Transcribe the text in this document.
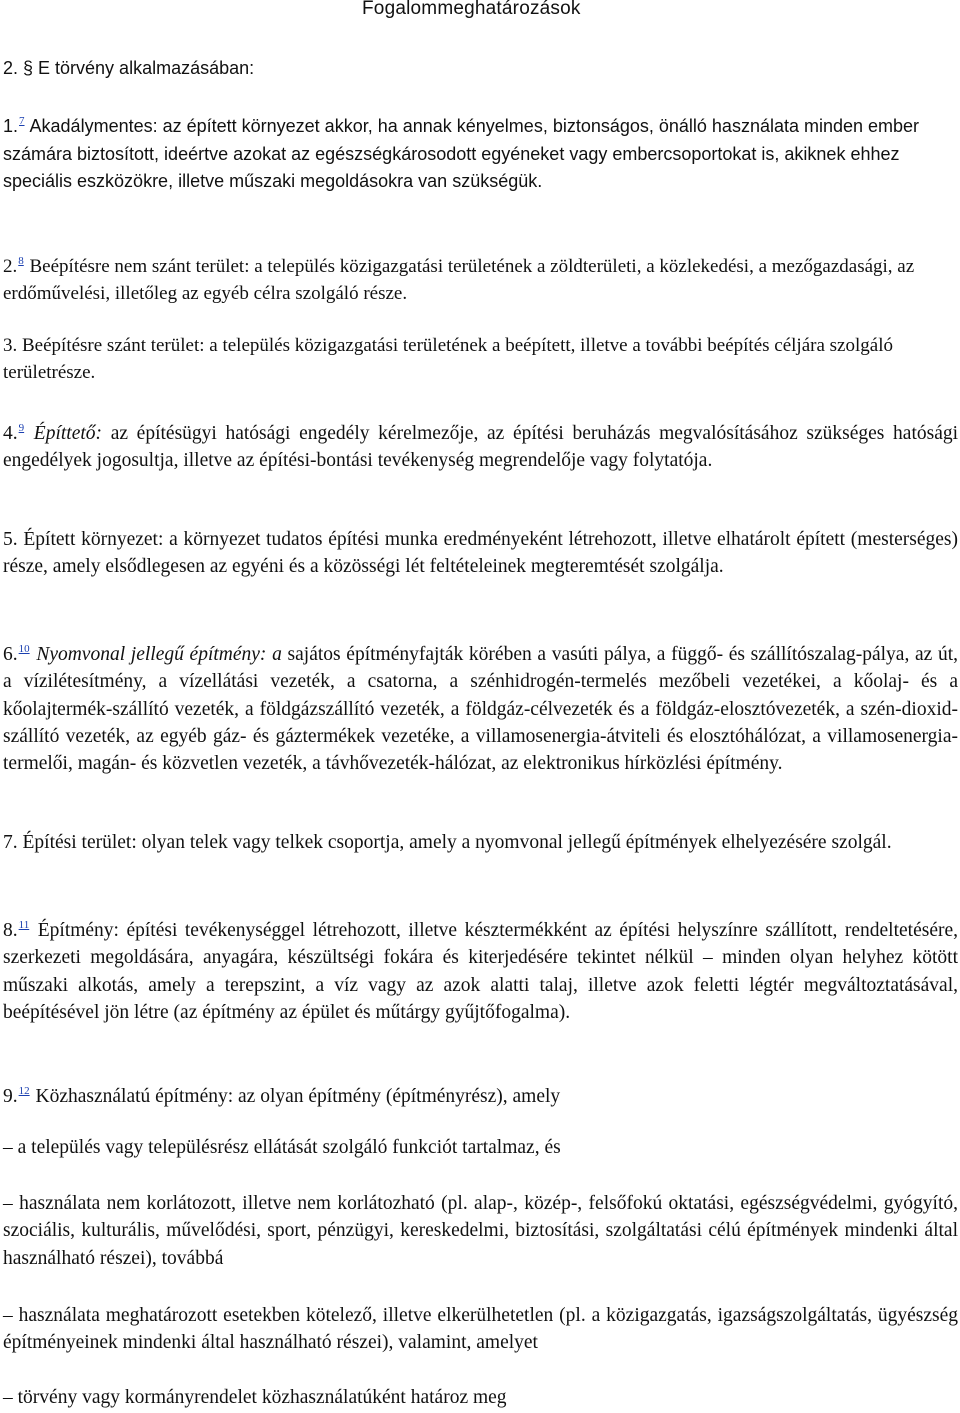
Fogalommeghatározások
2. § E törvény alkalmazásában:

1.$^7$ Akadálymentes: az épített környezet akkor, ha annak kényelmes, biztonságos, önálló használata minden ember számára biztosított, ideértve azokat az egészségkárosodott egyéneket vagy embercsoportokat is, akiknek ehhez speciális eszközökre, illetve műszaki megoldásokra van szükségük.

2.$^8$ Beépítésre nem szánt terület: a település közigazgatási területének a zöldterületi, a közlekedési, a mezőgazdasági, az erdőművelési, illetőleg az egyéb célra szolgáló része.

3. Beépítésre szánt terület: a település közigazgatási területének a beépített, illetve a további beépítés céljára szolgáló területrésze.

4.$^9$ Építtető: az építésügyi hatósági engedély kérelmezője, az építési beruházás megvalósításához szükséges hatósági engedélyek jogosultja, illetve az építési-bontási tevékenység megrendelője vagy folytatója.

5. Épített környezet: a környezet tudatos építési munka eredményeként létrehozott, illetve elhatárolt épített (mesterséges) része, amely elsődlegesen az egyéni és a közösségi lét feltételeinek megteremtését szolgálja.

6.10 Nyomvonal jellegű építmény: a sajátos építményfajták körében a vasúti pálya, a függő- és szállítószalag-pálya, az út, a vízilétesítmény, a vízellátási vezeték, a csatorna, a szénhidrogén-termelés mezőbeli vezetékei, a kőolaj- és a kőolajtermék-szállító vezeték, a földgázszállító vezeték, a földgáz-célvezeték és a földgáz-elosztóvezeték, a szén-dioxid-szállító vezeték, az egyéb gáz- és gáztermékek vezetéke, a villamosenergia-átviteli és elosztóhálózat, a villamosenergia-termelői, magán- és közvetlen vezeték, a távhővezeték-hálózat, az elektronikus hírközlési építmény.

7. Építési terület: olyan telek vagy telkek csoportja, amely a nyomvonal jellegű építmények elhelyezésére szolgál.

8.11 Építmény: építési tevékenységgel létrehozott, illetve késztermékként az építési helyszínre szállított, rendeltetésére, szerkezeti megoldására, anyagára, készültségi fokára és kiterjedésére tekintet nélkül – minden olyan helyhez kötött műszaki alkotás, amely a terepszint, a víz vagy az azok alatti talaj, illetve azok feletti légtér megváltoztatásával, beépítésével jön létre (az építmény az épület és műtárgy gyűjtőfogalma).

9.12 Közhasználatú építmény: az olyan építmény (építményrész), amely

– a település vagy településrész ellátását szolgáló funkciót tartalmaz, és

– használata nem korlátozott, illetve nem korlátozható (pl. alap-, közép-, felsőfokú oktatási, egészségvédelmi, gyógyító, szociális, kulturális, művelődési, sport, pénzügyi, kereskedelmi, biztosítási, szolgáltatási célú építmények mindenki által használható részei), továbbá

– használata meghatározott esetekben kötelező, illetve elkerülhetetlen (pl. a közigazgatás, igazságszolgáltatás, ügyészség építményeinek mindenki által használható részei), valamint, amelyet

– törvény vagy kormányrendelet közhasználatúként határoz meg
